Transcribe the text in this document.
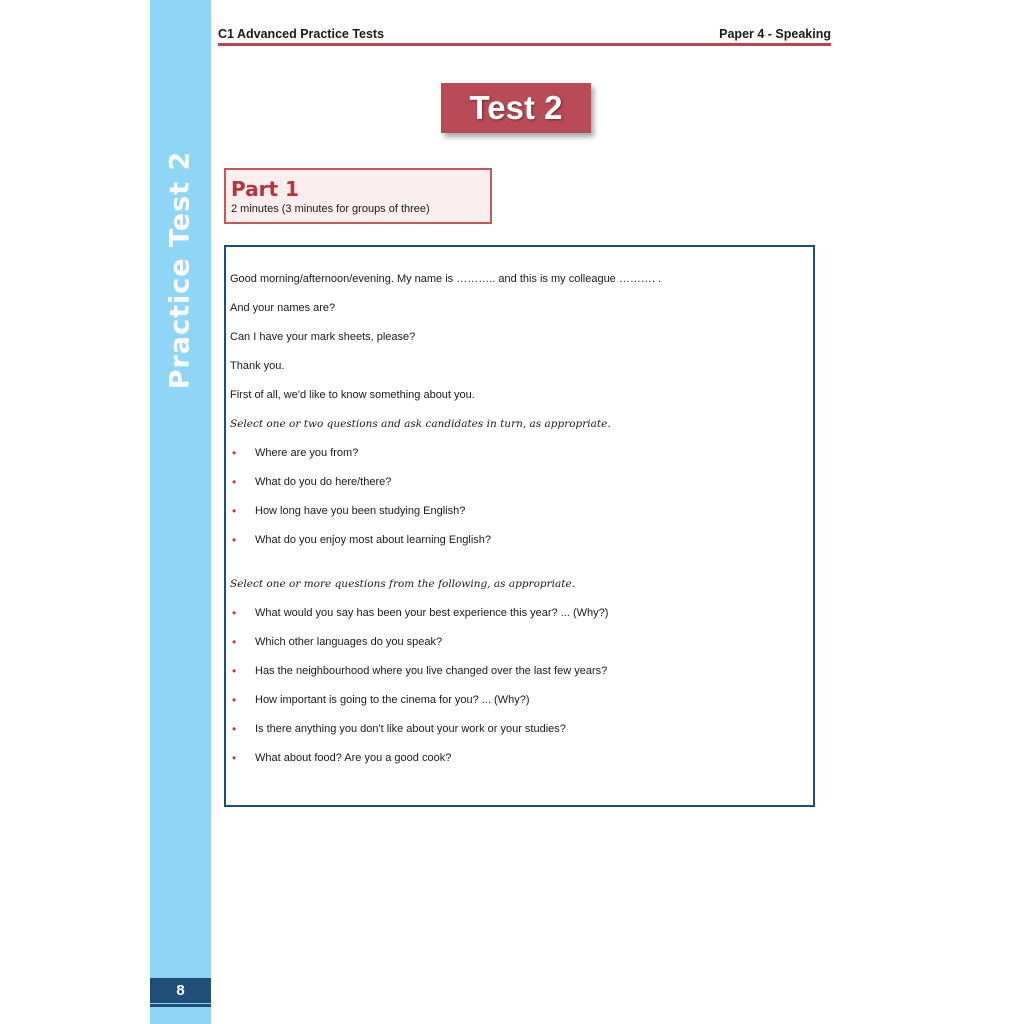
Practice Test 2
8
C1 Advanced Practice Tests	Paper 4 - Speaking
Test 2
Part 1
2 minutes (3 minutes for groups of three)
Good morning/afternoon/evening. My name is ……….. and this is my colleague ………. .
And your names are?
Can I have your mark sheets, please?
Thank you.
First of all, we'd like to know something about you.
Select one or two questions and ask candidates in turn, as appropriate.
• Where are you from?
• What do you do here/there?
• How long have you been studying English?
• What do you enjoy most about learning English?
Select one or more questions from the following, as appropriate.
• What would you say has been your best experience this year? ... (Why?)
• Which other languages do you speak?
• Has the neighbourhood where you live changed over the last few years?
• How important is going to the cinema for you? ... (Why?)
• Is there anything you don't like about your work or your studies?
• What about food? Are you a good cook?
